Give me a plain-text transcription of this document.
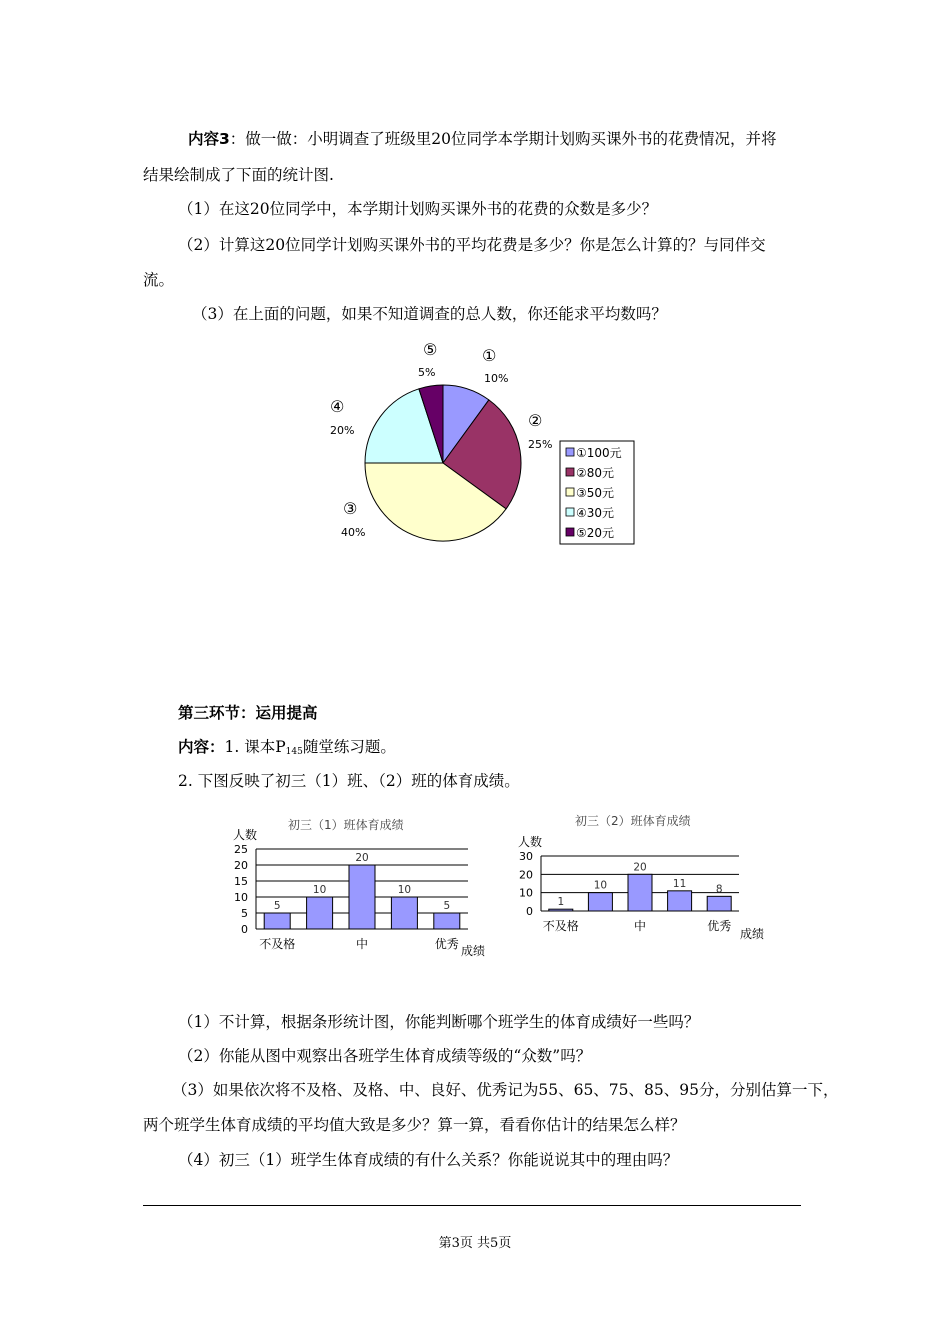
内容3：做一做：小明调查了班级里20位同学本学期计划购买课外书的花费情况，并将
结果绘制成了下面的统计图.
（1）在这20位同学中，本学期计划购买课外书的花费的众数是多少？
（2）计算这20位同学计划购买课外书的平均花费是多少？你是怎么计算的？与同伴交
流。
（3）在上面的问题，如果不知道调查的总人数，你还能求平均数吗？
①
10%
②
25%
③
40%
④
20%
⑤
5%
①100元
②80元
③50元
④30元
⑤20元
第三环节：运用提高
内容：1. 课本$P_{145}$随堂练习题。
2. 下图反映了初三（1）班、（2）班的体育成绩。
初三（1）班体育成绩
人数
0
5
10
15
20
25
5
不及格
10
20
中
10
5
优秀 成绩
初三（2）班体育成绩
人数
0
10
20
30
1
不及格
10
20
中
11	8
优秀
成绩
（1）不计算，根据条形统计图，你能判断哪个班学生的体育成绩好一些吗？
（2）你能从图中观察出各班学生体育成绩等级的“众数”吗？
（3）如果依次将不及格、及格、中、良好、优秀记为55、65、75、85、95分，分别估算一下，
两个班学生体育成绩的平均值大致是多少？算一算，看看你估计的结果怎么样？
（4）初三（1）班学生体育成绩的有什么关系？你能说说其中的理由吗？
第3页 共5页
